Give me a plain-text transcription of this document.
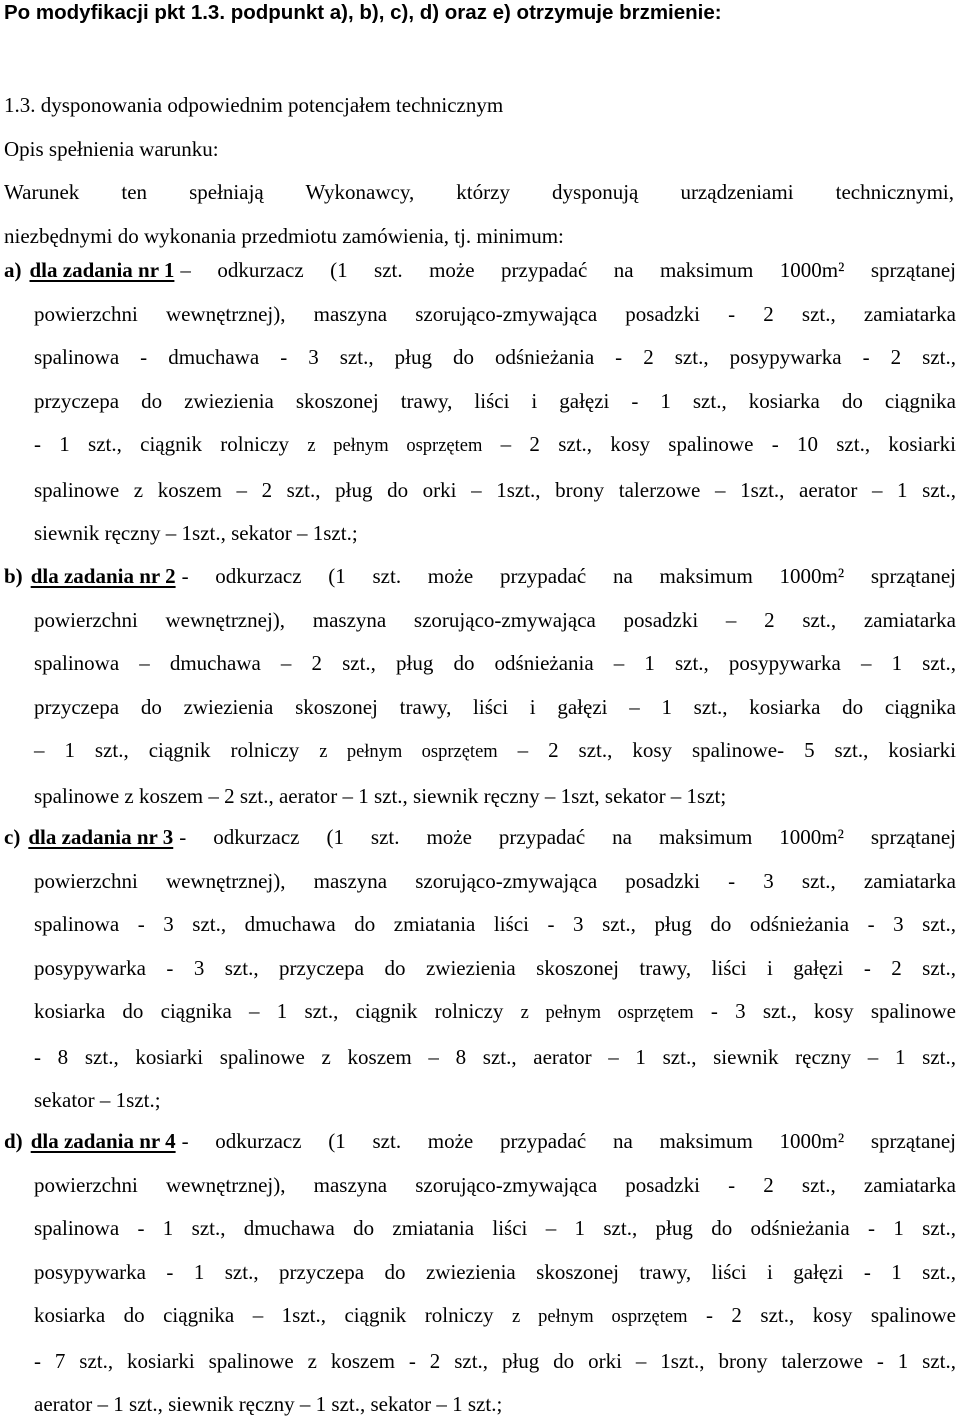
Po modyfikacji pkt 1.3. podpunkt a), b), c), d) oraz e) otrzymuje brzmienie:
1.3. dysponowania odpowiednim potencjałem technicznym
Opis spełnienia warunku:
Warunek ten spełniają Wykonawcy, którzy dysponują urządzeniami technicznymi,
niezbędnymi do wykonania przedmiotu zamówienia, tj. minimum:
a) dla zadania nr 1 – odkurzacz (1 szt. może przypadać na maksimum 1000m² sprzątanej
powierzchni wewnętrznej), maszyna szorująco-zmywająca posadzki - 2 szt., zamiatarka
spalinowa - dmuchawa - 3 szt., pług do odśnieżania - 2 szt., posypywarka - 2 szt.,
przyczepa do zwiezienia skoszonej trawy, liści i gałęzi - 1 szt., kosiarka do ciągnika
- 1 szt., ciągnik rolniczy z pełnym osprzętem – 2 szt., kosy spalinowe - 10 szt., kosiarki
spalinowe z koszem – 2 szt., pług do orki – 1szt., brony talerzowe – 1szt., aerator – 1 szt.,
siewnik ręczny – 1szt., sekator – 1szt.;
b) dla zadania nr 2 - odkurzacz (1 szt. może przypadać na maksimum 1000m² sprzątanej
powierzchni wewnętrznej), maszyna szorująco-zmywająca posadzki – 2 szt., zamiatarka
spalinowa – dmuchawa – 2 szt., pług do odśnieżania – 1 szt., posypywarka – 1 szt.,
przyczepa do zwiezienia skoszonej trawy, liści i gałęzi – 1 szt., kosiarka do ciągnika
– 1 szt., ciągnik rolniczy z pełnym osprzętem – 2 szt., kosy spalinowe- 5 szt., kosiarki
spalinowe z koszem – 2 szt., aerator – 1 szt., siewnik ręczny – 1szt, sekator – 1szt;
c) dla zadania nr 3 - odkurzacz (1 szt. może przypadać na maksimum 1000m² sprzątanej
powierzchni wewnętrznej), maszyna szorująco-zmywająca posadzki - 3 szt., zamiatarka
spalinowa - 3 szt., dmuchawa do zmiatania liści - 3 szt., pług do odśnieżania - 3 szt.,
posypywarka - 3 szt., przyczepa do zwiezienia skoszonej trawy, liści i gałęzi - 2 szt.,
kosiarka do ciągnika – 1 szt., ciągnik rolniczy z pełnym osprzętem - 3 szt., kosy spalinowe
- 8 szt., kosiarki spalinowe z koszem – 8 szt., aerator – 1 szt., siewnik ręczny – 1 szt.,
sekator – 1szt.;
d) dla zadania nr 4 - odkurzacz (1 szt. może przypadać na maksimum 1000m² sprzątanej
powierzchni wewnętrznej), maszyna szorująco-zmywająca posadzki - 2 szt., zamiatarka
spalinowa - 1 szt., dmuchawa do zmiatania liści – 1 szt., pług do odśnieżania - 1 szt.,
posypywarka - 1 szt., przyczepa do zwiezienia skoszonej trawy, liści i gałęzi - 1 szt.,
kosiarka do ciągnika – 1szt., ciągnik rolniczy z pełnym osprzętem - 2 szt., kosy spalinowe
- 7 szt., kosiarki spalinowe z koszem - 2 szt., pług do orki – 1szt., brony talerzowe - 1 szt.,
aerator – 1 szt., siewnik ręczny – 1 szt., sekator – 1 szt.;
